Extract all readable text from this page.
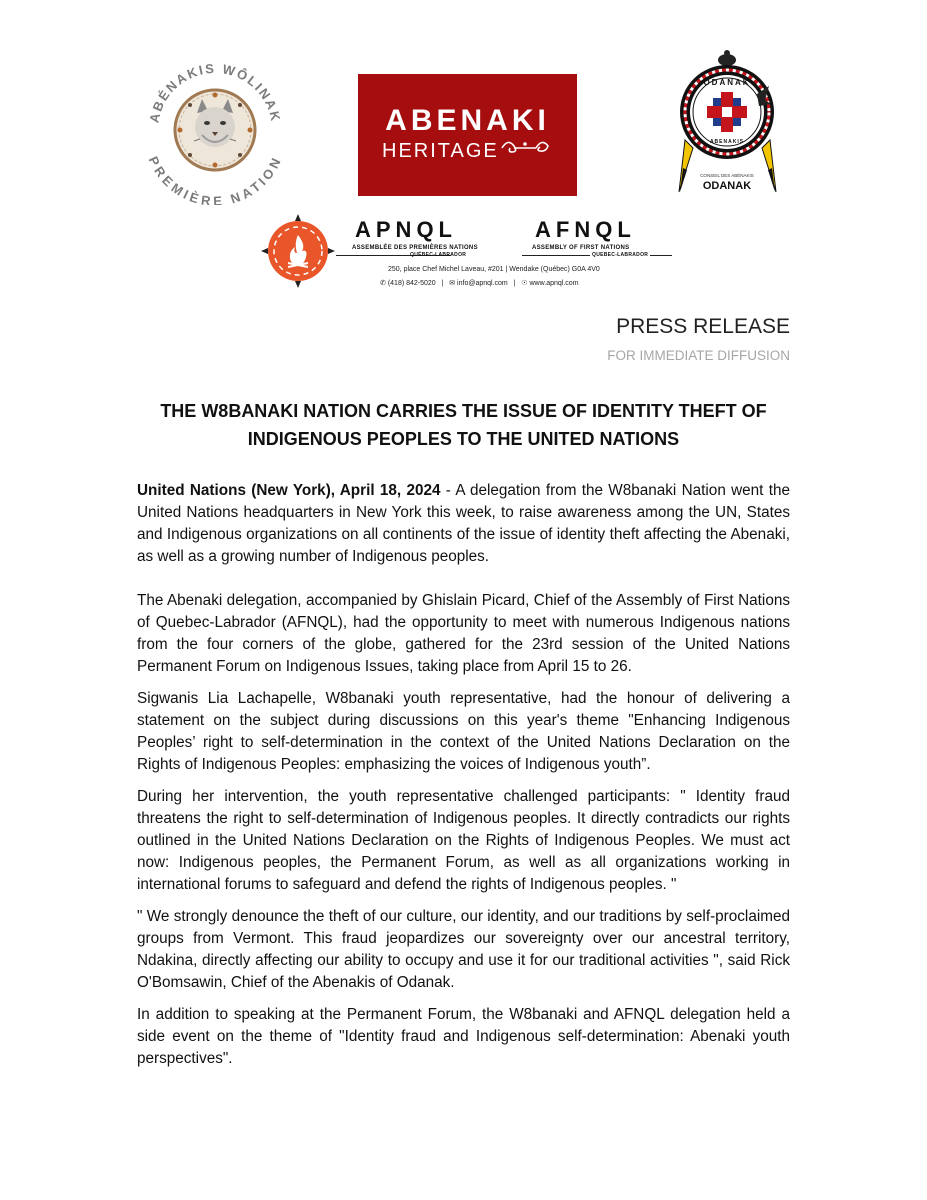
ABÉNAKIS WÔLINAK
PREMIÈRE NATION
ABENAKI
HERITAGE
ODANAK
ABENAKIS
CONSEIL DES ABÉNAKIS
ODANAK
APNQL	AFNQL
ASSEMBLÉE DES PREMIÈRES NATIONS	ASSEMBLY OF FIRST NATIONS
QUÉBEC-LABRADOR	QUEBEC-LABRADOR
250, place Chef Michel Laveau, #201 | Wendake (Québec) G0A 4V0
✆ (418) 842-5020   |   ✉ info@apnql.com   |   ☉ www.apnql.com
PRESS RELEASE
FOR IMMEDIATE DIFFUSION
THE W8BANAKI NATION CARRIES THE ISSUE OF IDENTITY THEFT OF
INDIGENOUS PEOPLES TO THE UNITED NATIONS

United Nations (New York), April 18, 2024 - A delegation from the W8banaki Nation went the United Nations headquarters in New York this week, to raise awareness among the UN, States and Indigenous organizations on all continents of the issue of identity theft affecting the Abenaki, as well as a growing number of Indigenous peoples.

The Abenaki delegation, accompanied by Ghislain Picard, Chief of the Assembly of First Nations of Quebec-Labrador (AFNQL), had the opportunity to meet with numerous Indigenous nations from the four corners of the globe, gathered for the 23rd session of the United Nations Permanent Forum on Indigenous Issues, taking place from April 15 to 26.

Sigwanis Lia Lachapelle, W8banaki youth representative, had the honour of delivering a statement on the subject during discussions on this year's theme "Enhancing Indigenous Peoples’ right to self-determination in the context of the United Nations Declaration on the Rights of Indigenous Peoples: emphasizing the voices of Indigenous youth”.

During her intervention, the youth representative challenged participants: " Identity fraud threatens the right to self-determination of Indigenous peoples. It directly contradicts our rights outlined in the United Nations Declaration on the Rights of Indigenous Peoples. We must act now: Indigenous peoples, the Permanent Forum, as well as all organizations working in international forums to safeguard and defend the rights of Indigenous peoples. "

" We strongly denounce the theft of our culture, our identity, and our traditions by self-proclaimed groups from Vermont. This fraud jeopardizes our sovereignty over our ancestral territory, Ndakina, directly affecting our ability to occupy and use it for our traditional activities ", said Rick O'Bomsawin, Chief of the Abenakis of Odanak.

In addition to speaking at the Permanent Forum, the W8banaki and AFNQL delegation held a side event on the theme of "Identity fraud and Indigenous self-determination: Abenaki youth perspectives".
